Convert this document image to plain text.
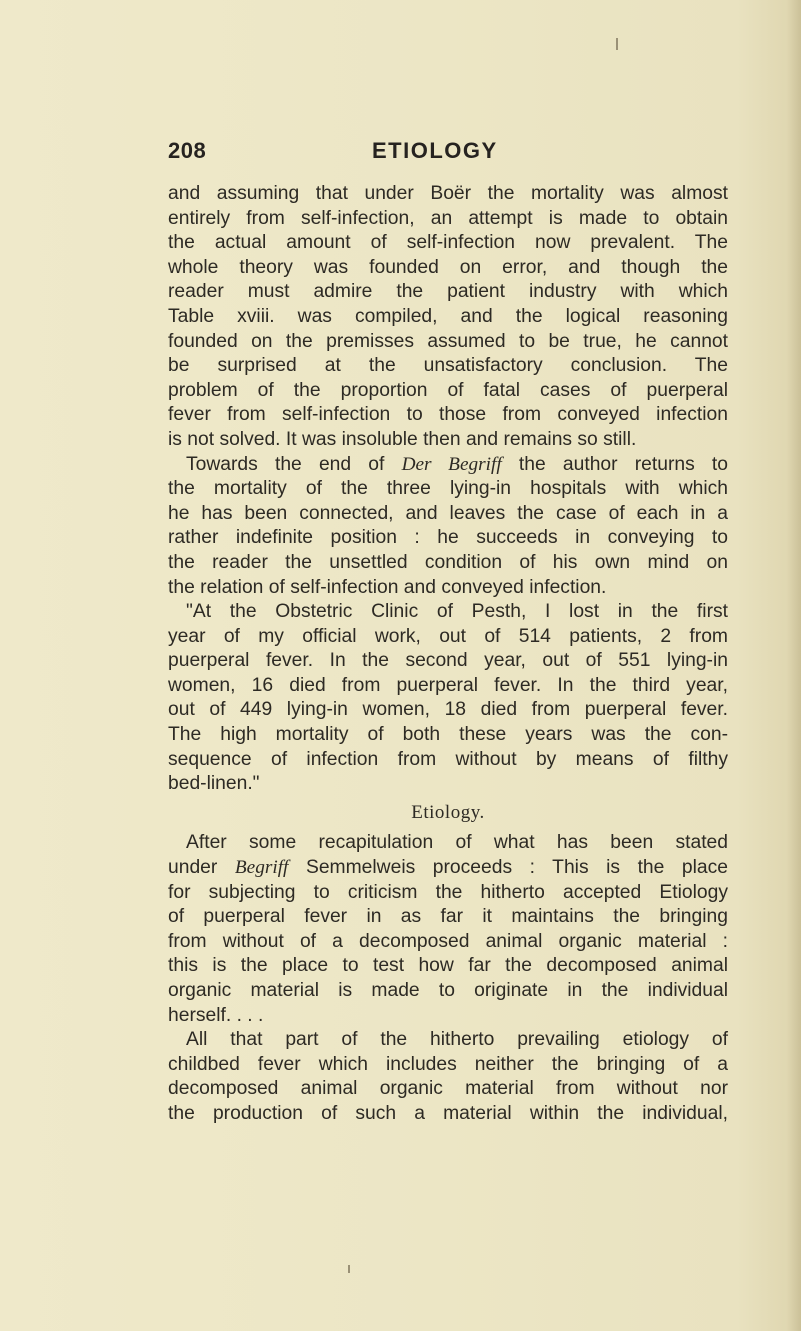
208	ETIOLOGY
and assuming that under Boër the mortality was almost
entirely from self-infection, an attempt is made to obtain
the actual amount of self-infection now prevalent. The
whole theory was founded on error, and though the
reader must admire the patient industry with which
Table xviii. was compiled, and the logical reasoning
founded on the premisses assumed to be true, he cannot
be surprised at the unsatisfactory conclusion. The
problem of the proportion of fatal cases of puerperal
fever from self-infection to those from conveyed infection
is not solved. It was insoluble then and remains so still.
Towards the end of Der Begriff the author returns to
the mortality of the three lying-in hospitals with which
he has been connected, and leaves the case of each in a
rather indefinite position : he succeeds in conveying to
the reader the unsettled condition of his own mind on
the relation of self-infection and conveyed infection.
"At the Obstetric Clinic of Pesth, I lost in the first
year of my official work, out of 514 patients, 2 from
puerperal fever. In the second year, out of 551 lying-in
women, 16 died from puerperal fever. In the third year,
out of 449 lying-in women, 18 died from puerperal fever.
The high mortality of both these years was the con-
sequence of infection from without by means of filthy
bed-linen."
Etiology.
After some recapitulation of what has been stated
under Begriff Semmelweis proceeds : This is the place
for subjecting to criticism the hitherto accepted Etiology
of puerperal fever in as far it maintains the bringing
from without of a decomposed animal organic material :
this is the place to test how far the decomposed animal
organic material is made to originate in the individual
herself. . . .
All that part of the hitherto prevailing etiology of
childbed fever which includes neither the bringing of a
decomposed animal organic material from without nor
the production of such a material within the individual,
